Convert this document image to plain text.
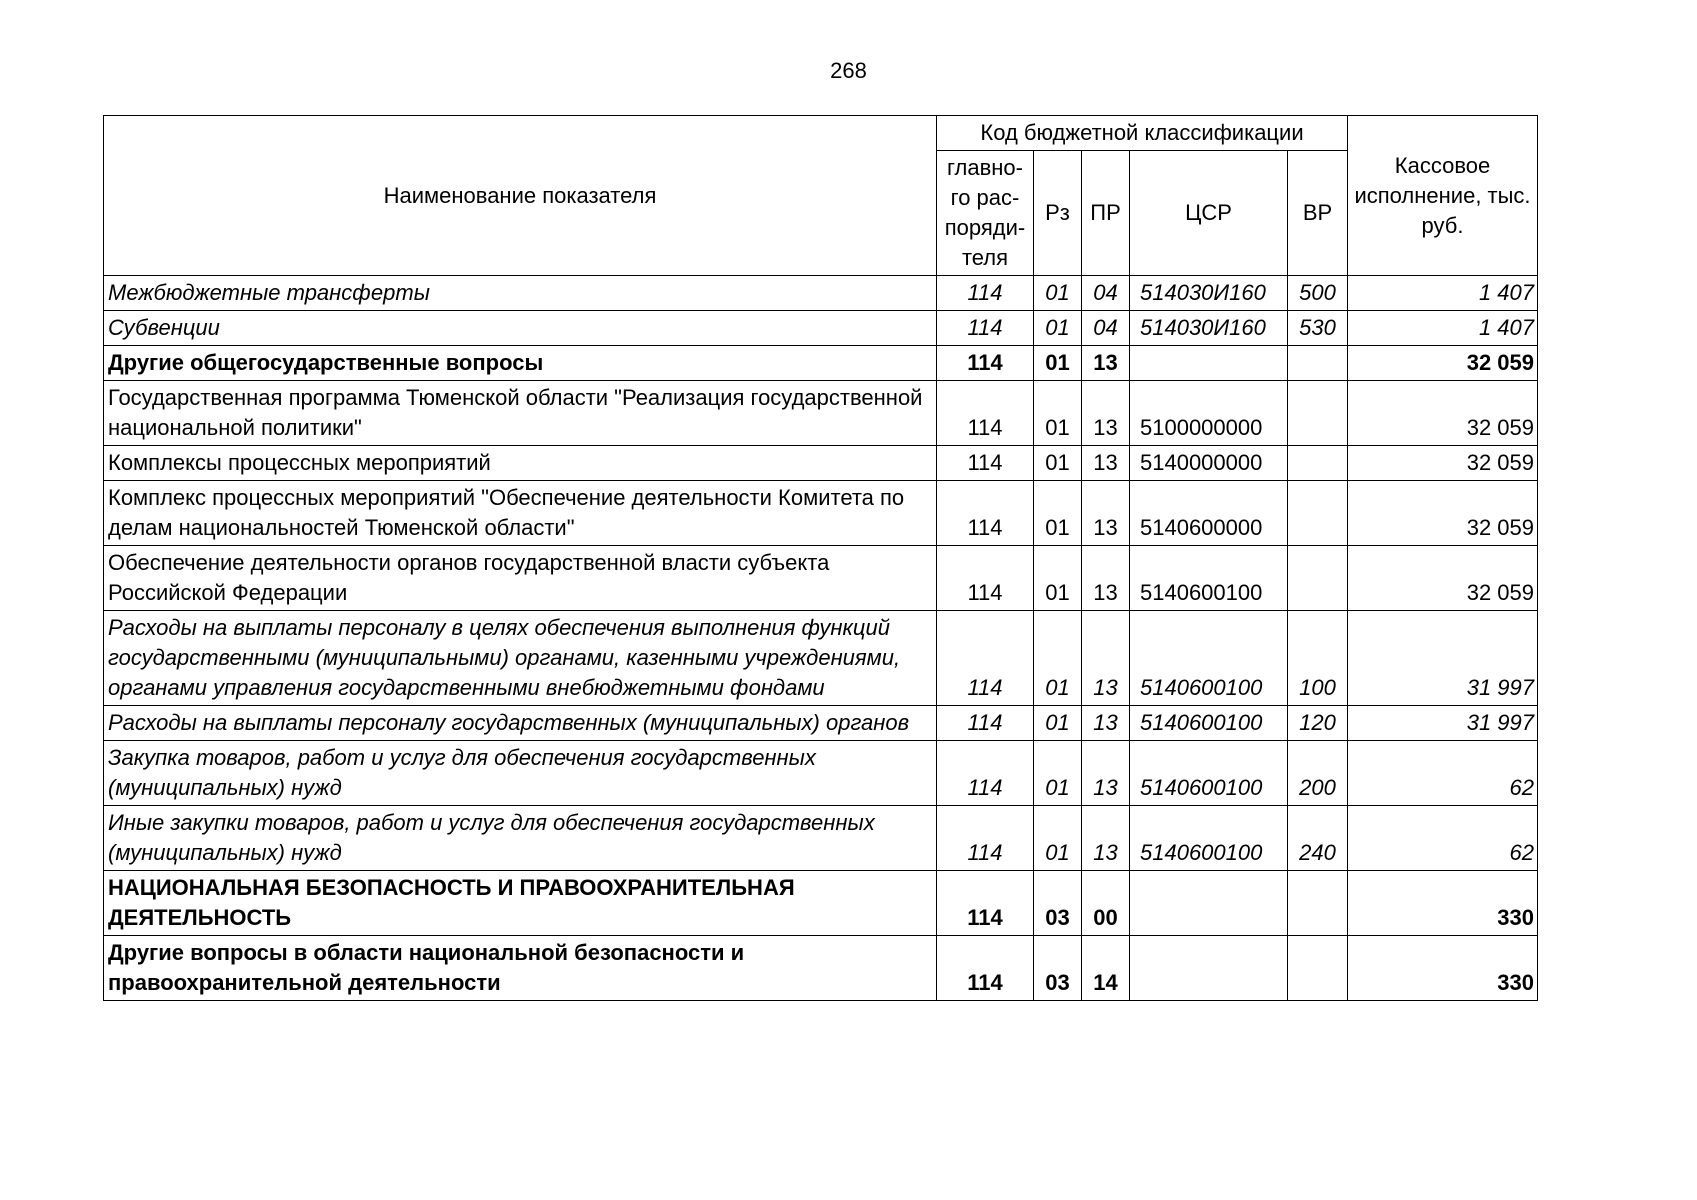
268
Наименование показателя	Код бюджетной классификации					Кассовое исполнение, тыс. руб.
	главно-го рас-поряди-теля	Рз	ПР	ЦСР	ВР	
Межбюджетные трансферты	114	01	04	514030И160	500	1 407
Субвенции	114	01	04	514030И160	530	1 407
Другие общегосударственные вопросы	114	01	13			32 059
Государственная программа Тюменской области "Реализация государственной национальной политики"	114	01	13	5100000000		32 059
Комплексы процессных мероприятий	114	01	13	5140000000		32 059
Комплекс процессных мероприятий "Обеспечение деятельности Комитета по делам национальностей Тюменской области"	114	01	13	5140600000		32 059
Обеспечение деятельности органов государственной власти субъекта Российской Федерации	114	01	13	5140600100		32 059
Расходы на выплаты персоналу в целях обеспечения выполнения функций государственными (муниципальными) органами, казенными учреждениями, органами управления государственными внебюджетными фондами	114	01	13	5140600100	100	31 997
Расходы на выплаты персоналу государственных (муниципальных) органов	114	01	13	5140600100	120	31 997
Закупка товаров, работ и услуг для обеспечения государственных (муниципальных) нужд	114	01	13	5140600100	200	62
Иные закупки товаров, работ и услуг для обеспечения государственных (муниципальных) нужд	114	01	13	5140600100	240	62
НАЦИОНАЛЬНАЯ БЕЗОПАСНОСТЬ И ПРАВООХРАНИТЕЛЬНАЯ ДЕЯТЕЛЬНОСТЬ	114	03	00			330
Другие вопросы в области национальной безопасности и правоохранительной деятельности	114	03	14			330
